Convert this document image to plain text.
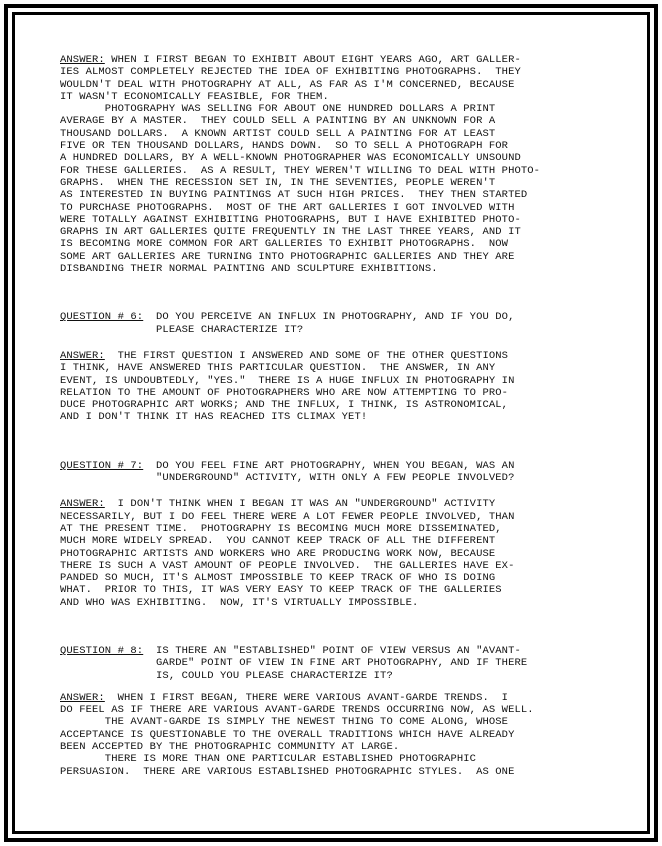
ANSWER: WHEN I FIRST BEGAN TO EXHIBIT ABOUT EIGHT YEARS AGO, ART GALLER-
IES ALMOST COMPLETELY REJECTED THE IDEA OF EXHIBITING PHOTOGRAPHS.  THEY
WOULDN'T DEAL WITH PHOTOGRAPHY AT ALL, AS FAR AS I'M CONCERNED, BECAUSE
IT WASN'T ECONOMICALLY FEASIBLE, FOR THEM.
PHOTOGRAPHY WAS SELLING FOR ABOUT ONE HUNDRED DOLLARS A PRINT
AVERAGE BY A MASTER.  THEY COULD SELL A PAINTING BY AN UNKNOWN FOR A
THOUSAND DOLLARS.  A KNOWN ARTIST COULD SELL A PAINTING FOR AT LEAST
FIVE OR TEN THOUSAND DOLLARS, HANDS DOWN.  SO TO SELL A PHOTOGRAPH FOR
A HUNDRED DOLLARS, BY A WELL-KNOWN PHOTOGRAPHER WAS ECONOMICALLY UNSOUND
FOR THESE GALLERIES.  AS A RESULT, THEY WEREN'T WILLING TO DEAL WITH PHOTO-
GRAPHS.  WHEN THE RECESSION SET IN, IN THE SEVENTIES, PEOPLE WEREN'T
AS INTERESTED IN BUYING PAINTINGS AT SUCH HIGH PRICES.  THEY THEN STARTED
TO PURCHASE PHOTOGRAPHS.  MOST OF THE ART GALLERIES I GOT INVOLVED WITH
WERE TOTALLY AGAINST EXHIBITING PHOTOGRAPHS, BUT I HAVE EXHIBITED PHOTO-
GRAPHS IN ART GALLERIES QUITE FREQUENTLY IN THE LAST THREE YEARS, AND IT
IS BECOMING MORE COMMON FOR ART GALLERIES TO EXHIBIT PHOTOGRAPHS.  NOW
SOME ART GALLERIES ARE TURNING INTO PHOTOGRAPHIC GALLERIES AND THEY ARE
DISBANDING THEIR NORMAL PAINTING AND SCULPTURE EXHIBITIONS.
QUESTION # 6:  DO YOU PERCEIVE AN INFLUX IN PHOTOGRAPHY, AND IF YOU DO,
PLEASE CHARACTERIZE IT?
ANSWER:  THE FIRST QUESTION I ANSWERED AND SOME OF THE OTHER QUESTIONS
I THINK, HAVE ANSWERED THIS PARTICULAR QUESTION.  THE ANSWER, IN ANY
EVENT, IS UNDOUBTEDLY, "YES."  THERE IS A HUGE INFLUX IN PHOTOGRAPHY IN
RELATION TO THE AMOUNT OF PHOTOGRAPHERS WHO ARE NOW ATTEMPTING TO PRO-
DUCE PHOTOGRAPHIC ART WORKS; AND THE INFLUX, I THINK, IS ASTRONOMICAL,
AND I DON'T THINK IT HAS REACHED ITS CLIMAX YET!
QUESTION # 7:  DO YOU FEEL FINE ART PHOTOGRAPHY, WHEN YOU BEGAN, WAS AN
"UNDERGROUND" ACTIVITY, WITH ONLY A FEW PEOPLE INVOLVED?
ANSWER:  I DON'T THINK WHEN I BEGAN IT WAS AN "UNDERGROUND" ACTIVITY
NECESSARILY, BUT I DO FEEL THERE WERE A LOT FEWER PEOPLE INVOLVED, THAN
AT THE PRESENT TIME.  PHOTOGRAPHY IS BECOMING MUCH MORE DISSEMINATED,
MUCH MORE WIDELY SPREAD.  YOU CANNOT KEEP TRACK OF ALL THE DIFFERENT
PHOTOGRAPHIC ARTISTS AND WORKERS WHO ARE PRODUCING WORK NOW, BECAUSE
THERE IS SUCH A VAST AMOUNT OF PEOPLE INVOLVED.  THE GALLERIES HAVE EX-
PANDED SO MUCH, IT'S ALMOST IMPOSSIBLE TO KEEP TRACK OF WHO IS DOING
WHAT.  PRIOR TO THIS, IT WAS VERY EASY TO KEEP TRACK OF THE GALLERIES
AND WHO WAS EXHIBITING.  NOW, IT'S VIRTUALLY IMPOSSIBLE.
QUESTION # 8:  IS THERE AN "ESTABLISHED" POINT OF VIEW VERSUS AN "AVANT-
GARDE" POINT OF VIEW IN FINE ART PHOTOGRAPHY, AND IF THERE
IS, COULD YOU PLEASE CHARACTERIZE IT?
ANSWER:  WHEN I FIRST BEGAN, THERE WERE VARIOUS AVANT-GARDE TRENDS.  I
DO FEEL AS IF THERE ARE VARIOUS AVANT-GARDE TRENDS OCCURRING NOW, AS WELL.
THE AVANT-GARDE IS SIMPLY THE NEWEST THING TO COME ALONG, WHOSE
ACCEPTANCE IS QUESTIONABLE TO THE OVERALL TRADITIONS WHICH HAVE ALREADY
BEEN ACCEPTED BY THE PHOTOGRAPHIC COMMUNITY AT LARGE.
THERE IS MORE THAN ONE PARTICULAR ESTABLISHED PHOTOGRAPHIC
PERSUASION.  THERE ARE VARIOUS ESTABLISHED PHOTOGRAPHIC STYLES.  AS ONE
